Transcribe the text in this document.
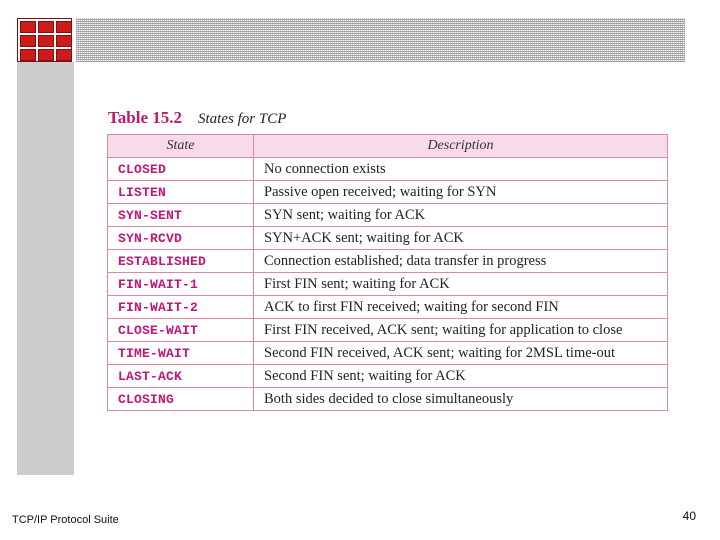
Table 15.2 States for TCP
State	Description
CLOSED	No connection exists
LISTEN	Passive open received; waiting for SYN
SYN-SENT	SYN sent; waiting for ACK
SYN-RCVD	SYN+ACK sent; waiting for ACK
ESTABLISHED	Connection established; data transfer in progress
FIN-WAIT-1	First FIN sent; waiting for ACK
FIN-WAIT-2	ACK to first FIN received; waiting for second FIN
CLOSE-WAIT	First FIN received, ACK sent; waiting for application to close
TIME-WAIT	Second FIN received, ACK sent; waiting for 2MSL time-out
LAST-ACK	Second FIN sent; waiting for ACK
CLOSING	Both sides decided to close simultaneously
TCP/IP Protocol Suite	40
